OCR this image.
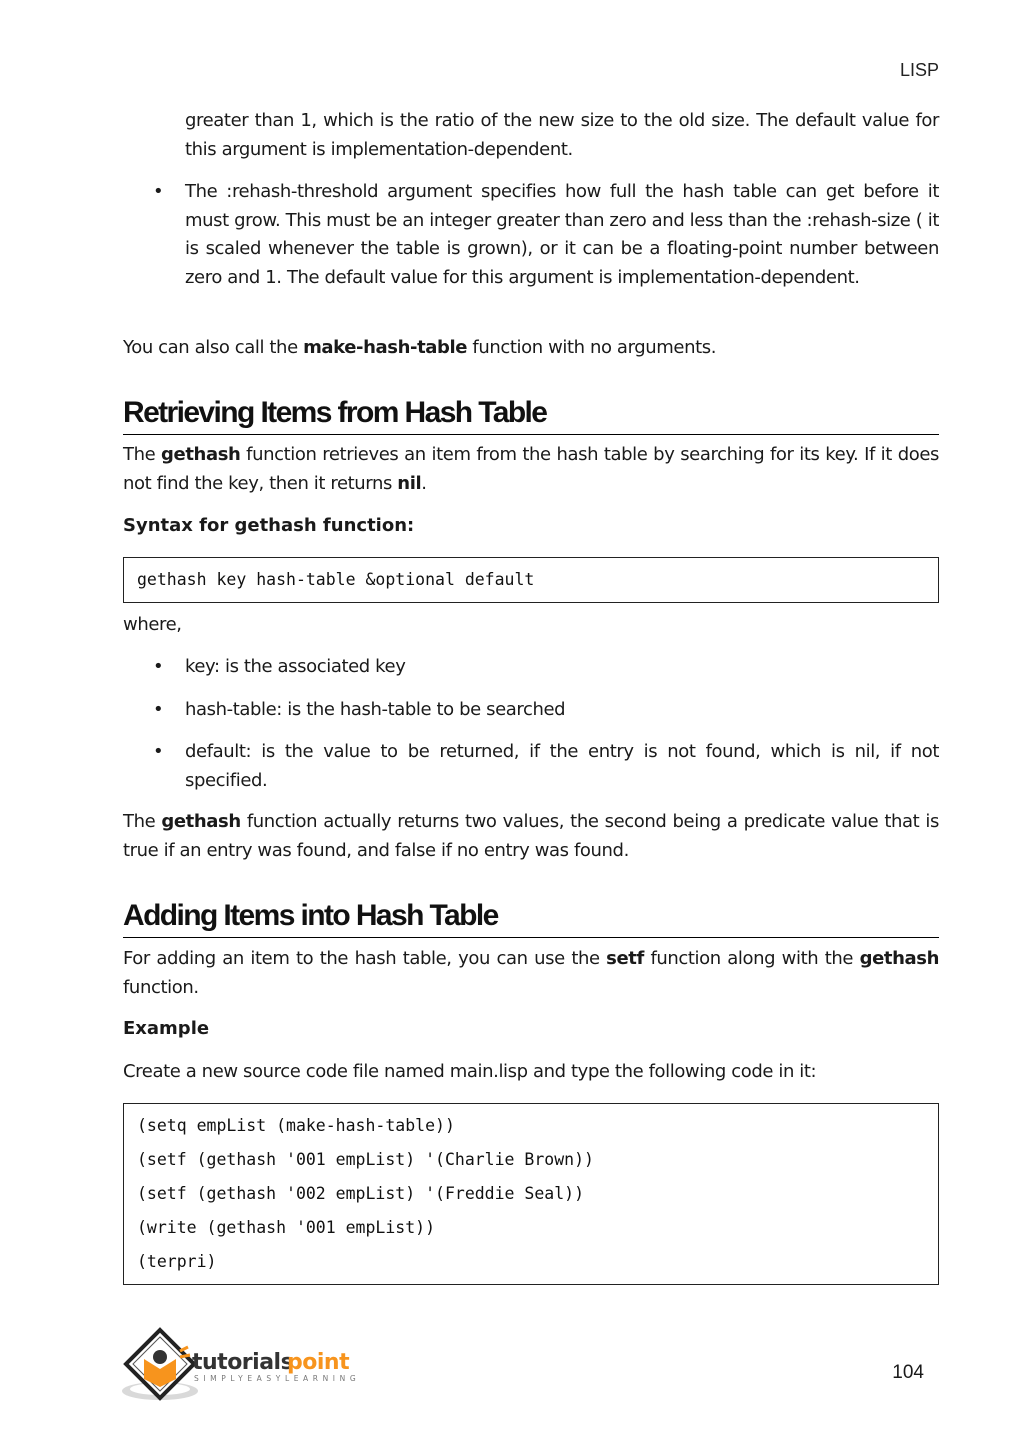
LISP

greater than 1, which is the ratio of the new size to the old size. The default value for this argument is implementation-dependent.

• The :rehash-threshold argument specifies how full the hash table can get before it must grow. This must be an integer greater than zero and less than the :rehash-size ( it is scaled whenever the table is grown), or it can be a floating-point number between zero and 1. The default value for this argument is implementation-dependent.

You can also call the make-hash-table function with no arguments.

Retrieving Items from Hash Table

The gethash function retrieves an item from the hash table by searching for its key. If it does not find the key, then it returns nil.

Syntax for gethash function:
gethash key hash-table &optional default

where,

• key: is the associated key

• hash-table: is the hash-table to be searched

• default: is the value to be returned, if the entry is not found, which is nil, if not specified.

The gethash function actually returns two values, the second being a predicate value that is true if an entry was found, and false if no entry was found.

Adding Items into Hash Table

For adding an item to the hash table, you can use the setf function along with the gethash function.

Example

Create a new source code file named main.lisp and type the following code in it:

(setq empList (make-hash-table))
(setf (gethash '001 empList) '(Charlie Brown))
(setf (gethash '002 empList) '(Freddie Seal))
(write (gethash '001 empList))
(terpri)
tutorials
point
SIMPLYEASYLEARNING	104
